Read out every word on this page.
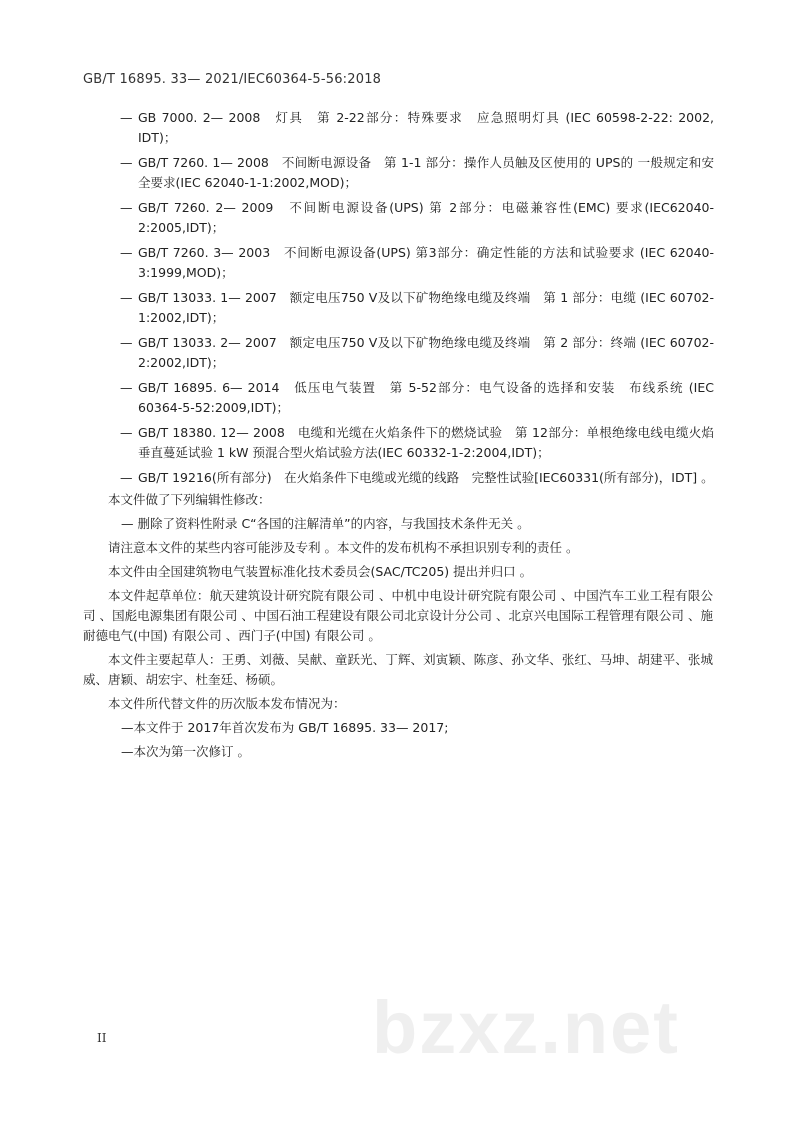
GB/T 16895. 33— 2021/IEC60364-5-56:2018
— GB 7000. 2— 2008　灯具　第 2-22部分：特殊要求　应急照明灯具 (IEC 60598-2-22: 2002, IDT)；
— GB/T 7260. 1— 2008　不间断电源设备　第 1-1 部分：操作人员触及区使用的 UPS的 一般规定和安全要求(IEC 62040-1-1:2002,MOD)；
— GB/T 7260. 2— 2009　不间断电源设备(UPS) 第 2部分：电磁兼容性(EMC) 要求(IEC62040-2:2005,IDT)；
— GB/T 7260. 3— 2003　不间断电源设备(UPS) 第3部分：确定性能的方法和试验要求 (IEC 62040-3:1999,MOD)；
— GB/T 13033. 1— 2007　额定电压750 V及以下矿物绝缘电缆及终端　第 1 部分：电缆 (IEC 60702-1:2002,IDT)；
— GB/T 13033. 2— 2007　额定电压750 V及以下矿物绝缘电缆及终端　第 2 部分：终端 (IEC 60702-2:2002,IDT)；
— GB/T 16895. 6— 2014　低压电气装置　第 5-52部分：电气设备的选择和安装　布线系统 (IEC 60364-5-52:2009,IDT)；
— GB/T 18380. 12— 2008　电缆和光缆在火焰条件下的燃烧试验　第 12部分：单根绝缘电线电缆火焰垂直蔓延试验 1 kW 预混合型火焰试验方法(IEC 60332-1-2:2004,IDT)；
— GB/T 19216(所有部分)　在火焰条件下电缆或光缆的线路　完整性试验[IEC60331(所有部分)，IDT] 。

本文件做了下列编辑性修改：

— 删除了资料性附录 C“各国的注解清单”的内容，与我国技术条件无关 。

请注意本文件的某些内容可能涉及专利 。本文件的发布机构不承担识别专利的责任 。

本文件由全国建筑物电气装置标准化技术委员会(SAC/TC205) 提出并归口 。

本文件起草单位：航天建筑设计研究院有限公司 、中机中电设计研究院有限公司 、中国汽车工业工程有限公司 、国彪电源集团有限公司 、中国石油工程建设有限公司北京设计分公司 、北京兴电国际工程管理有限公司 、施耐德电气(中国) 有限公司 、西门子(中国) 有限公司 。

本文件主要起草人：王勇、刘薇、吴献、童跃光、丁辉、刘寅颖、陈彦、孙文华、张红、马坤、胡建平、张城威、唐颖、胡宏宇、杜奎廷、杨硕。

本文件所代替文件的历次版本发布情况为：

—本文件于 2017年首次发布为 GB/T 16895. 33— 2017;

—本次为第一次修订 。

bzxz.net
II
